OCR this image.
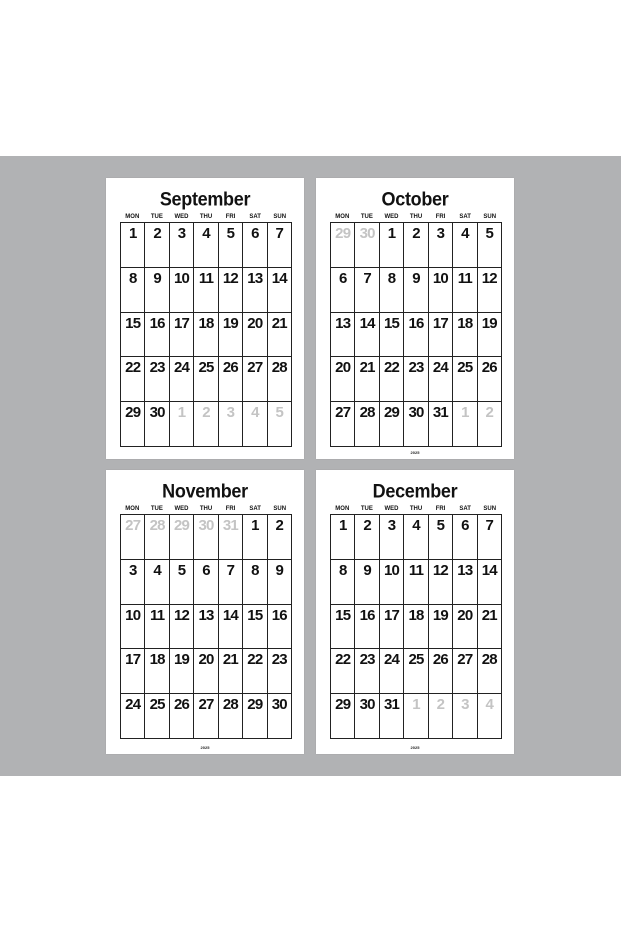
September
MON	TUE	WED	THU	FRI	SAT	SUN
1	2	3	4	5	6	7
8	9 10 11 12 13 14
15 16 17 18 19 20 21
22 23 24 25 26 27 28
29 30 1	2	3	4	5
October
MON	TUE	WED	THU	FRI	SAT	SUN
29 30 1	2	3	4	5
6	7	8	9 10 11 12
13 14 15 16 17 18 19
20 21 22 23 24 25 26
27 28 29 30 31 1	2
2025
November
MON	TUE	WED	THU	FRI	SAT	SUN
27 28 29 30 31 1	2
3	4	5	6	7	8	9
10 11 12 13 14 15 16
17 18 19 20 21 22 23
24 25 26 27 28 29 30
2025
December
MON	TUE	WED	THU	FRI	SAT	SUN
1	2	3	4	5	6	7
8	9 10 11 12 13 14
15 16 17 18 19 20 21
22 23 24 25 26 27 28
29 30 31 1	2	3	4
2025
